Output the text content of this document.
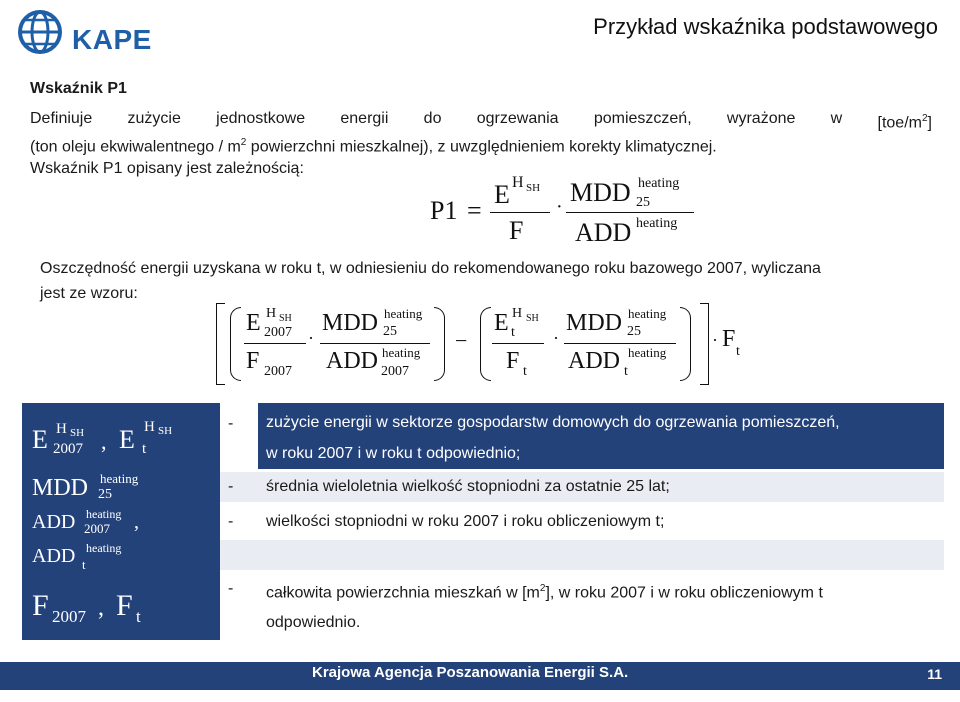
KAPE	Przykład wskaźnika podstawowego
Wskaźnik P1
Definiuje zużycie jednostkowe energii do ogrzewania pomieszczeń, wyrażone w $[toe/m^2]$
(ton oleju ekwiwalentnego / $m^2$ powierzchni mieszkalnej), z uwzględnieniem korekty klimatycznej.
Wskaźnik P1 opisany jest zależnością:
P1 =
E H SH
F
· MDD heating
25
ADD heating
Oszczędność energii uzyskana w roku t, w odniesieniu do rekomendowanego roku bazowego 2007, wyliczana
jest ze wzoru:
E H SH
2007
F 2007
·
MDD heating
25
ADD heating
2007
−
E H SH
t
F t
·
MDD heating
25
ADD heating
t
· F t
E H SH
2007 , E H SH
t
MDD heating
25
ADD heating
2007 ,
ADD heating
t
F 2007 , F t
- zużycie energii w sektorze gospodarstw domowych do ogrzewania pomieszczeń,
w roku 2007 i w roku t odpowiednio;
- średnia wieloletnia wielkość stopniodni za ostatnie 25 lat;
- wielkości stopniodni w roku 2007 i roku obliczeniowym t;
- całkowita powierzchnia mieszkań w $[m^2]$, w roku 2007 i w roku obliczeniowym t
odpowiednio.
Krajowa Agencja Poszanowania Energii S.A.	11
